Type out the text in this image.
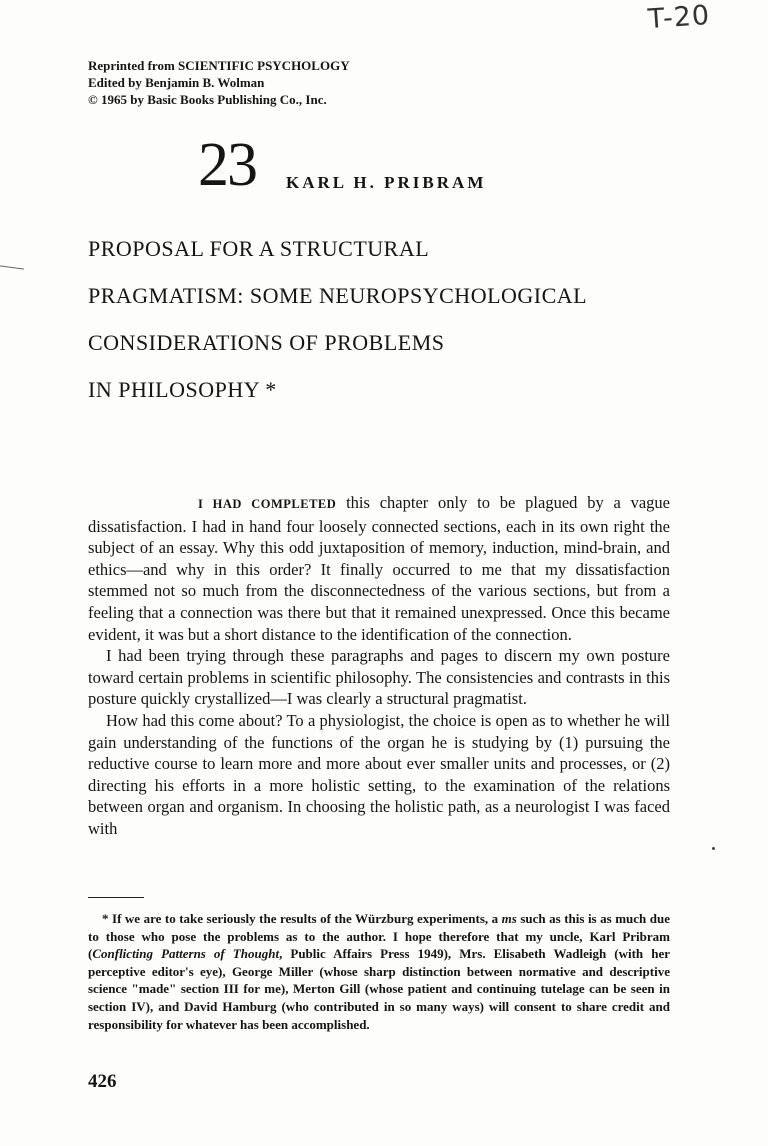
T-20
Reprinted from SCIENTIFIC PSYCHOLOGY
Edited by Benjamin B. Wolman
© 1965 by Basic Books Publishing Co., Inc.
23 KARL H. PRIBRAM
PROPOSAL FOR A STRUCTURAL
PRAGMATISM: SOME NEUROPSYCHOLOGICAL
CONSIDERATIONS OF PROBLEMS
IN PHILOSOPHY *

I HAD COMPLETED this chapter only to be plagued by a vague dissatisfaction. I had in hand four loosely connected sections, each in its own right the subject of an essay. Why this odd juxtaposition of memory, induction, mind-brain, and ethics—and why in this order? It finally occurred to me that my dissatisfaction stemmed not so much from the disconnectedness of the various sections, but from a feeling that a connection was there but that it remained unexpressed. Once this became evident, it was but a short distance to the identification of the connection.

I had been trying through these paragraphs and pages to discern my own posture toward certain problems in scientific philosophy. The consistencies and contrasts in this posture quickly crystallized—I was clearly a structural pragmatist.

How had this come about? To a physiologist, the choice is open as to whether he will gain understanding of the functions of the organ he is studying by (1) pursuing the reductive course to learn more and more about ever smaller units and processes, or (2) directing his efforts in a more holistic setting, to the examination of the relations between organ and organism. In choosing the holistic path, as a neurologist I was faced with

* If we are to take seriously the results of the Würzburg experiments, a ms such as this is as much due to those who pose the problems as to the author. I hope therefore that my uncle, Karl Pribram (Conflicting Patterns of Thought, Public Affairs Press 1949), Mrs. Elisabeth Wadleigh (with her perceptive editor's eye), George Miller (whose sharp distinction between normative and descriptive science "made" section III for me), Merton Gill (whose patient and continuing tutelage can be seen in section IV), and David Hamburg (who contributed in so many ways) will consent to share credit and responsibility for whatever has been accomplished.

426
